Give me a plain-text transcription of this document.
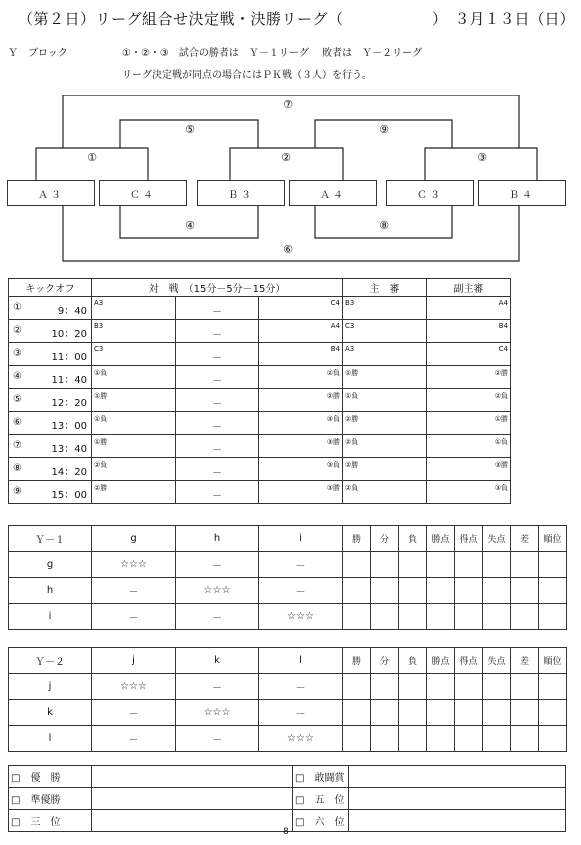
（第２日）リーグ組合せ決定戦・決勝リーグ（	）　３月１３日（日）
Ｙ　ブロック	①・②・③　試合の勝者は　Ｙ－１リーグ　 敗者は　Ｙ－２リーグ
リーグ決定戦が同点の場合にはＰＫ戦（３人）を行う。
⑦
⑤	⑨
①	②	③
④	⑧
⑥
Ａ３	Ｃ４	Ｂ３	Ａ４	Ｃ３	Ｂ４
キックオフ	対　戦　（15分－5分－15分）			主　審	副主審

① 9：40	A3	－	C4	B3	A4

② 10：20	B3	－	A4	C3	B4

③ 11：00	C3	－	B4	A3	C4

④ 11：40	①負	－	②負	①勝	②勝

⑤ 12：20	①勝	－	②勝	①負	②負

⑥ 13：00	①負	－	③負	②勝	①勝

⑦ 13：40	①勝	－	③勝	②負	①負

⑧ 14：20	②負	－	③負	②勝	③勝

⑨ 15：00	②勝	－	③勝	②負	③負
Ｙ－１	g	h	i	勝	分	負	勝点	得点	失点	差	順位
g	☆☆☆	－	－								
h	－	☆☆☆	－								
i	－	－	☆☆☆								
Ｙ－２	j	k	l	勝	分	負	勝点	得点	失点	差	順位
j	☆☆☆	－	－								
k	－	☆☆☆	－								
l	－	－	☆☆☆								
□　優　勝		□　敢闘賞	
□　準優勝		□　五　位	
□　三　位		□　六　位	
8
